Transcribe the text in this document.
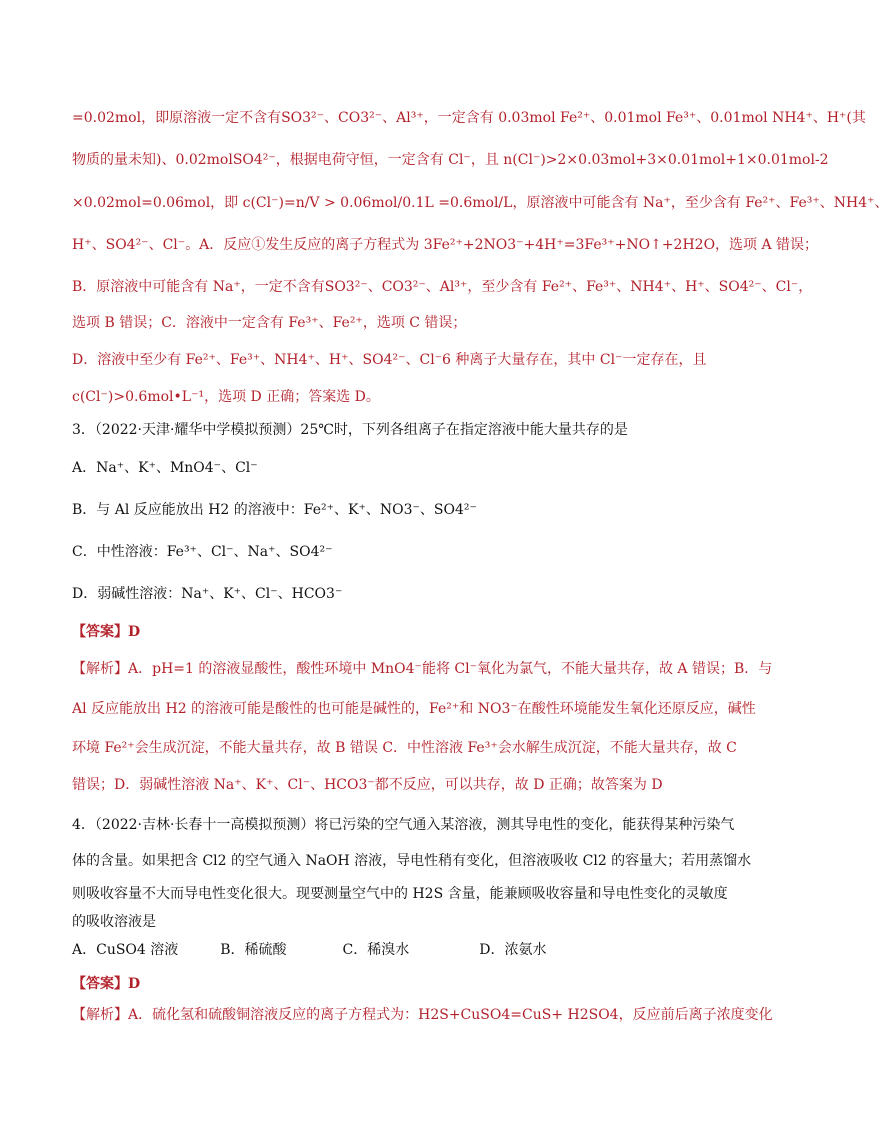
=0.02mol，即原溶液一定不含有SO3²⁻、CO3²⁻、Al³⁺，一定含有 0.03mol Fe²⁺、0.01mol Fe³⁺、0.01mol NH4⁺、H⁺(其
物质的量未知)、0.02molSO4²⁻，根据电荷守恒，一定含有 Cl⁻，且 n(Cl⁻)>2×0.03mol+3×0.01mol+1×0.01mol-2
×0.02mol=0.06mol，即 c(Cl⁻)=n/V > 0.06mol/0.1L =0.6mol/L，原溶液中可能含有 Na⁺，至少含有 Fe²⁺、Fe³⁺、NH4⁺、
H⁺、SO4²⁻、Cl⁻。A．反应①发生反应的离子方程式为 3Fe²⁺+2NO3⁻+4H⁺=3Fe³⁺+NO↑+2H2O，选项 A 错误；
B．原溶液中可能含有 Na⁺，一定不含有SO3²⁻、CO3²⁻、Al³⁺，至少含有 Fe²⁺、Fe³⁺、NH4⁺、H⁺、SO4²⁻、Cl⁻，
选项 B 错误；C．溶液中一定含有 Fe³⁺、Fe²⁺，选项 C 错误；
D．溶液中至少有 Fe²⁺、Fe³⁺、NH4⁺、H⁺、SO4²⁻、Cl⁻6 种离子大量存在，其中 Cl⁻一定存在，且
c(Cl⁻)>0.6mol•L⁻¹，选项 D 正确；答案选 D。
3．（2022·天津·耀华中学模拟预测）25℃时，下列各组离子在指定溶液中能大量共存的是
A．Na⁺、K⁺、MnO4⁻、Cl⁻
B．与 Al 反应能放出 H2 的溶液中：Fe²⁺、K⁺、NO3⁻、SO4²⁻
C．中性溶液：Fe³⁺、Cl⁻、Na⁺、SO4²⁻
D．弱碱性溶液：Na⁺、K⁺、Cl⁻、HCO3⁻
【答案】D
【解析】A．pH=1 的溶液显酸性，酸性环境中 MnO4⁻能将 Cl⁻氧化为氯气，不能大量共存，故 A 错误；B．与
Al 反应能放出 H2 的溶液可能是酸性的也可能是碱性的，Fe²⁺和 NO3⁻在酸性环境能发生氧化还原反应，碱性
环境 Fe²⁺会生成沉淀，不能大量共存，故 B 错误 C．中性溶液 Fe³⁺会水解生成沉淀，不能大量共存，故 C
错误；D．弱碱性溶液 Na⁺、K⁺、Cl⁻、HCO3⁻都不反应，可以共存，故 D 正确；故答案为 D
4．（2022·吉林·长春十一高模拟预测）将已污染的空气通入某溶液，测其导电性的变化，能获得某种污染气
体的含量。如果把含 Cl2 的空气通入 NaOH 溶液，导电性稍有变化，但溶液吸收 Cl2 的容量大；若用蒸馏水
则吸收容量不大而导电性变化很大。现要测量空气中的 H2S 含量，能兼顾吸收容量和导电性变化的灵敏度
的吸收溶液是
A．CuSO4 溶液　　　B．稀硫酸　　　　C．稀溴水　　　　　D．浓氨水
【答案】D
【解析】A．硫化氢和硫酸铜溶液反应的离子方程式为：H2S+CuSO4=CuS+ H2SO4，反应前后离子浓度变化
